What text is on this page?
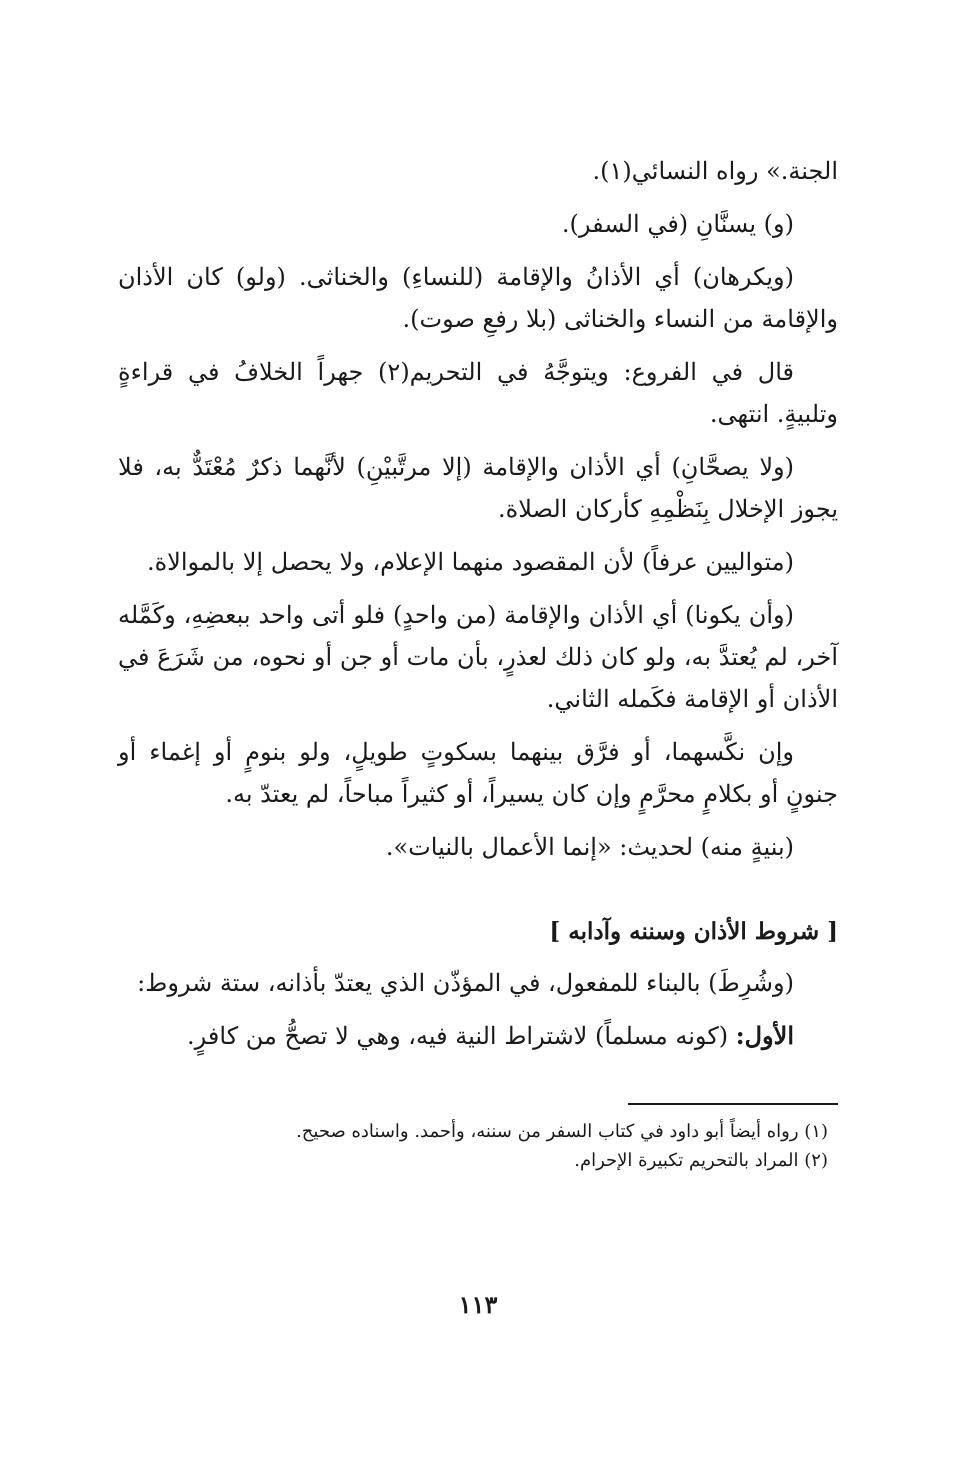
الجنة.» رواه النسائي(١).

(و) يسنَّانِ (في السفر).

(ويكرهان) أي الأذانُ والإقامة (للنساءِ) والخناثى. (ولو) كان الأذان والإقامة من النساء والخناثى (بلا رفعِ صوت).

قال في الفروع: ويتوجَّهُ في التحريم(٢) جهراً الخلافُ في قراءةٍ وتلبيةٍ. انتهى.

(ولا يصحَّانِ) أي الأذان والإقامة (إلا مرتَّبيْنِ) لأنَّهما ذكرٌ مُعْتَدٌّ به، فلا يجوز الإخلال بِنَظْمِهِ كأركان الصلاة.

(متواليين عرفاً) لأن المقصود منهما الإعلام، ولا يحصل إلا بالموالاة.

(وأن يكونا) أي الأذان والإقامة (من واحدٍ) فلو أتى واحد ببعضِهِ، وكَمَّله آخر، لم يُعتدَّ به، ولو كان ذلك لعذرٍ، بأن مات أو جن أو نحوه، من شَرَعَ في الأذان أو الإقامة فكَمله الثاني.

وإن نكَّسهما، أو فرَّق بينهما بسكوتٍ طويلٍ، ولو بنومٍ أو إغماء أو جنونٍ أو بكلامٍ محرَّمٍ وإن كان يسيراً، أو كثيراً مباحاً، لم يعتدّ به.

(بنيةٍ منه) لحديث: «إنما الأعمال بالنيات».

[ شروط الأذان وسننه وآدابه ]

(وشُرِطَ) بالبناء للمفعول، في المؤذّن الذي يعتدّ بأذانه، ستة شروط:

الأول: (كونه مسلماً) لاشتراط النية فيه، وهي لا تصحُّ من كافرٍ.

(١) رواه أيضاً أبو داود في كتاب السفر من سننه، وأحمد. واسناده صحيح.

(٢) المراد بالتحريم تكبيرة الإحرام.

١١٣
